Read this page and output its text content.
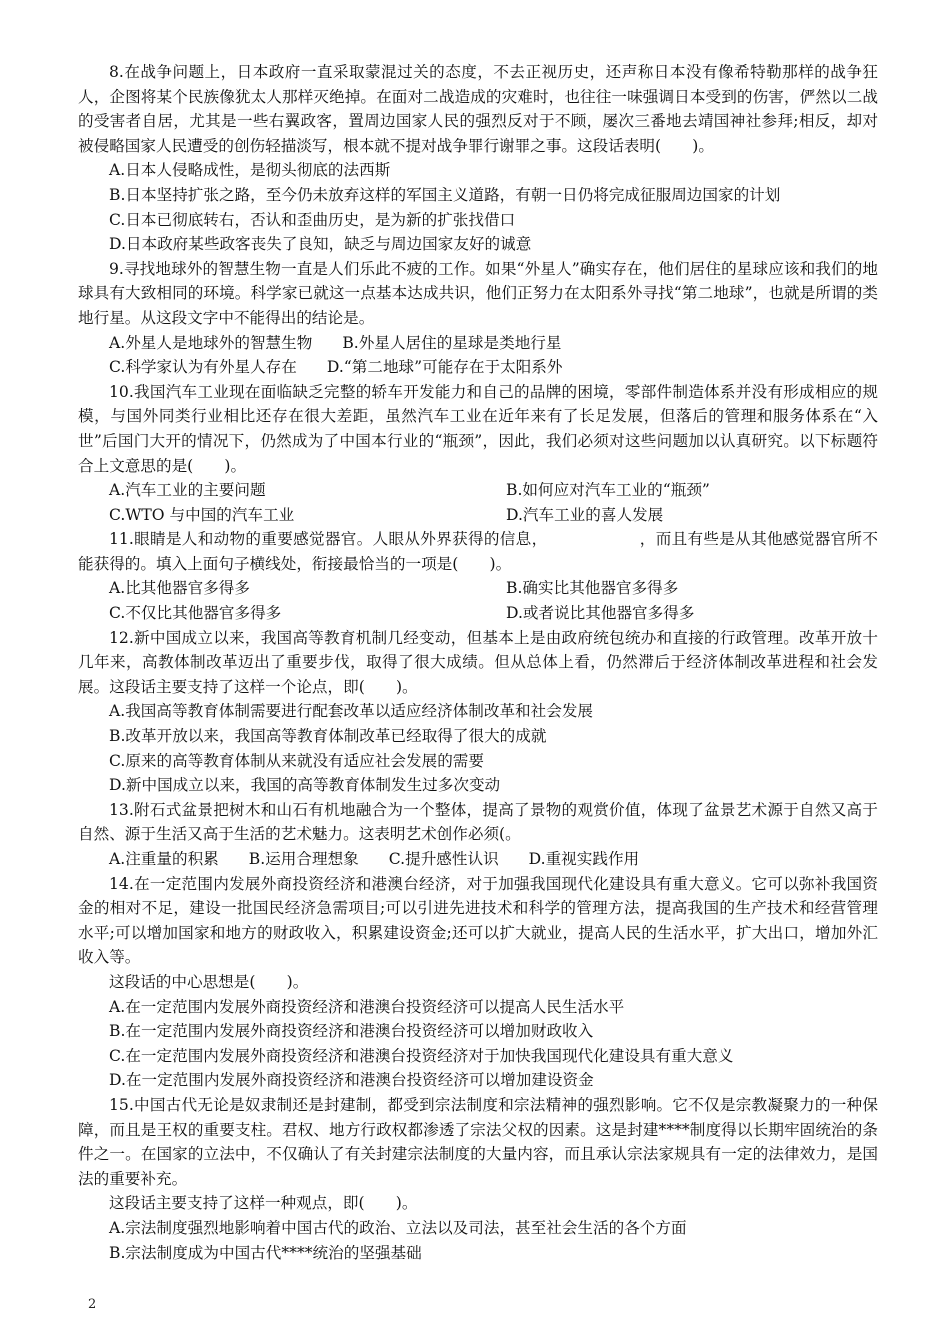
8.在战争问题上，日本政府一直采取蒙混过关的态度，不去正视历史，还声称日本没有像希特勒那样的战争狂人，企图将某个民族像犹太人那样灭绝掉。在面对二战造成的灾难时，也往往一味强调日本受到的伤害，俨然以二战的受害者自居，尤其是一些右翼政客，置周边国家人民的强烈反对于不顾，屡次三番地去靖国神社参拜;相反，却对被侵略国家人民遭受的创伤轻描淡写，根本就不提对战争罪行谢罪之事。这段话表明(　　)。

A.日本人侵略成性，是彻头彻底的法西斯

B.日本坚持扩张之路，至今仍未放弃这样的军国主义道路，有朝一日仍将完成征服周边国家的计划

C.日本已彻底转右，否认和歪曲历史，是为新的扩张找借口

D.日本政府某些政客丧失了良知，缺乏与周边国家友好的诚意

9.寻找地球外的智慧生物一直是人们乐此不疲的工作。如果“外星人”确实存在，他们居住的星球应该和我们的地球具有大致相同的环境。科学家已就这一点基本达成共识，他们正努力在太阳系外寻找“第二地球”，也就是所谓的类地行星。从这段文字中不能得出的结论是。

A.外星人是地球外的智慧生物 B.外星人居住的星球是类地行星

C.科学家认为有外星人存在 D.“第二地球”可能存在于太阳系外

10.我国汽车工业现在面临缺乏完整的轿车开发能力和自己的品牌的困境，零部件制造体系并没有形成相应的规模，与国外同类行业相比还存在很大差距，虽然汽车工业在近年来有了长足发展，但落后的管理和服务体系在“入世”后国门大开的情况下，仍然成为了中国本行业的“瓶颈”，因此，我们必须对这些问题加以认真研究。以下标题符合上文意思的是(　　)。

A.汽车工业的主要问题	B.如何应对汽车工业的“瓶颈”
C.WTO 与中国的汽车工业	D.汽车工业的喜人发展

11.眼睛是人和动物的重要感觉器官。人眼从外界获得的信息，	，而且有些是从其他感觉器官所不能获得的。填入上面句子横线处，衔接最恰当的一项是(　　)。

A.比其他器官多得多	B.确实比其他器官多得多
C.不仅比其他器官多得多	D.或者说比其他器官多得多

12.新中国成立以来，我国高等教育机制几经变动，但基本上是由政府统包统办和直接的行政管理。改革开放十几年来，高教体制改革迈出了重要步伐，取得了很大成绩。但从总体上看，仍然滞后于经济体制改革进程和社会发展。这段话主要支持了这样一个论点，即(　　)。

A.我国高等教育体制需要进行配套改革以适应经济体制改革和社会发展

B.改革开放以来，我国高等教育体制改革已经取得了很大的成就

C.原来的高等教育体制从来就没有适应社会发展的需要

D.新中国成立以来，我国的高等教育体制发生过多次变动

13.附石式盆景把树木和山石有机地融合为一个整体，提高了景物的观赏价值，体现了盆景艺术源于自然又高于自然、源于生活又高于生活的艺术魅力。这表明艺术创作必须(。

A.注重量的积累 B.运用合理想象 C.提升感性认识 D.重视实践作用

14.在一定范围内发展外商投资经济和港澳台经济，对于加强我国现代化建设具有重大意义。它可以弥补我国资金的相对不足，建设一批国民经济急需项目;可以引进先进技术和科学的管理方法，提高我国的生产技术和经营管理水平;可以增加国家和地方的财政收入，积累建设资金;还可以扩大就业，提高人民的生活水平，扩大出口，增加外汇收入等。

这段话的中心思想是(　　)。

A.在一定范围内发展外商投资经济和港澳台投资经济可以提高人民生活水平

B.在一定范围内发展外商投资经济和港澳台投资经济可以增加财政收入

C.在一定范围内发展外商投资经济和港澳台投资经济对于加快我国现代化建设具有重大意义

D.在一定范围内发展外商投资经济和港澳台投资经济可以增加建设资金

15.中国古代无论是奴隶制还是封建制，都受到宗法制度和宗法精神的强烈影响。它不仅是宗教凝聚力的一种保障，而且是王权的重要支柱。君权、地方行政权都渗透了宗法父权的因素。这是封建****制度得以长期牢固统治的条件之一。在国家的立法中，不仅确认了有关封建宗法制度的大量内容，而且承认宗法家规具有一定的法律效力，是国法的重要补充。

这段话主要支持了这样一种观点，即(　　)。

A.宗法制度强烈地影响着中国古代的政治、立法以及司法，甚至社会生活的各个方面

B.宗法制度成为中国古代****统治的坚强基础

2
